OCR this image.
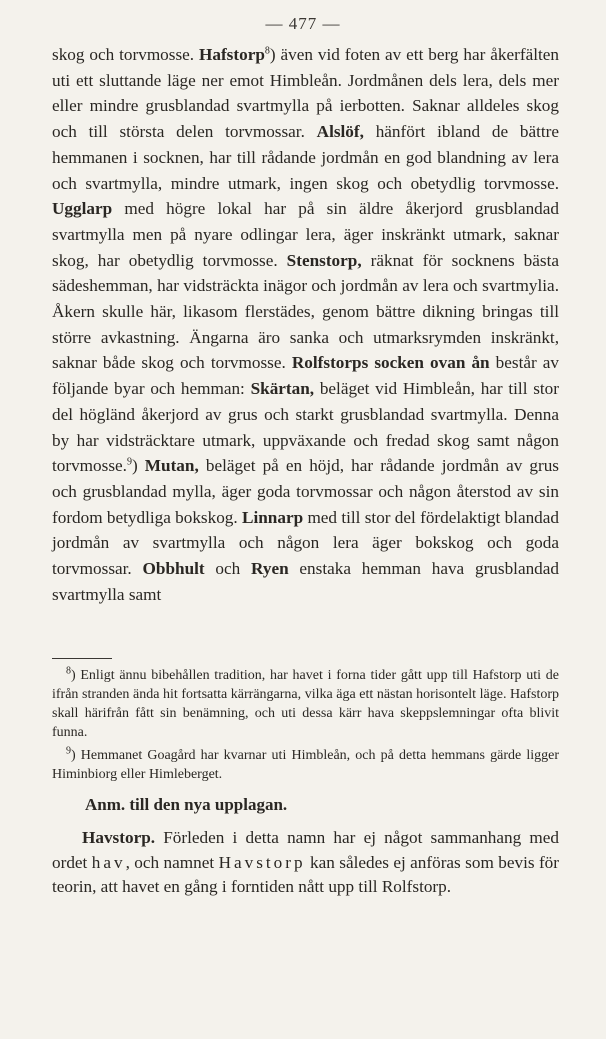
— 477 —

skog och torvmosse. Hafstorp$^8$) även vid foten av ett berg har åkerfälten uti ett sluttande läge ner emot Himbleån. Jordmånen dels lera, dels mer eller mindre grusblandad svartmylla på ierbotten. Saknar alldeles skog och till största delen torvmossar. Alslöf, hänfört ibland de bättre hemmanen i socknen, har till rådande jordmån en god blandning av lera och svartmylla, mindre utmark, ingen skog och obetydlig torvmosse. Ugglarp med högre lokal har på sin äldre åkerjord grusblandad svartmylla men på nyare odlingar lera, äger inskränkt utmark, saknar skog, har obetydlig torvmosse. Stenstorp, räknat för socknens bästa sädeshemman, har vidsträckta inägor och jordmån av lera och svartmylia. Åkern skulle här, likasom flerstädes, genom bättre dikning bringas till större avkastning. Ängarna äro sanka och utmarksrymden inskränkt, saknar både skog och torvmosse. Rolfstorps socken ovan ån består av följande byar och hemman: Skärtan, beläget vid Himbleån, har till stor del högländ åkerjord av grus och starkt grusblandad svartmylla. Denna by har vidsträcktare utmark, uppväxande och fredad skog samt någon torvmosse.$^9$) Mutan, beläget på en höjd, har rådande jordmån av grus och grusblandad mylla, äger goda torvmossar och någon återstod av sin fordom betydliga bokskog. Linnarp med till stor del fördelaktigt blandad jordmån av svartmylla och någon lera äger bokskog och goda torvmossar. Obbhult och Ryen enstaka hemman hava grusblandad svartmylla samt

$^8$) Enligt ännu bibehållen tradition, har havet i forna tider gått upp till Hafstorp uti de ifrån stranden ända hit fortsatta kärrängarna, vilka äga ett nästan horisontelt läge. Hafstorp skall härifrån fått sin benämning, och uti dessa kärr hava skeppslemningar ofta blivit funna.

$^9$) Hemmanet Goagård har kvarnar uti Himbleån, och på detta hemmans gärde ligger Himinbiorg eller Himleberget.

Anm. till den nya upplagan.

Havstorp. Förleden i detta namn har ej något sammanhang med ordet hav, och namnet Havstorp kan således ej anföras som bevis för teorin, att havet en gång i forntiden nått upp till Rolfstorp.
